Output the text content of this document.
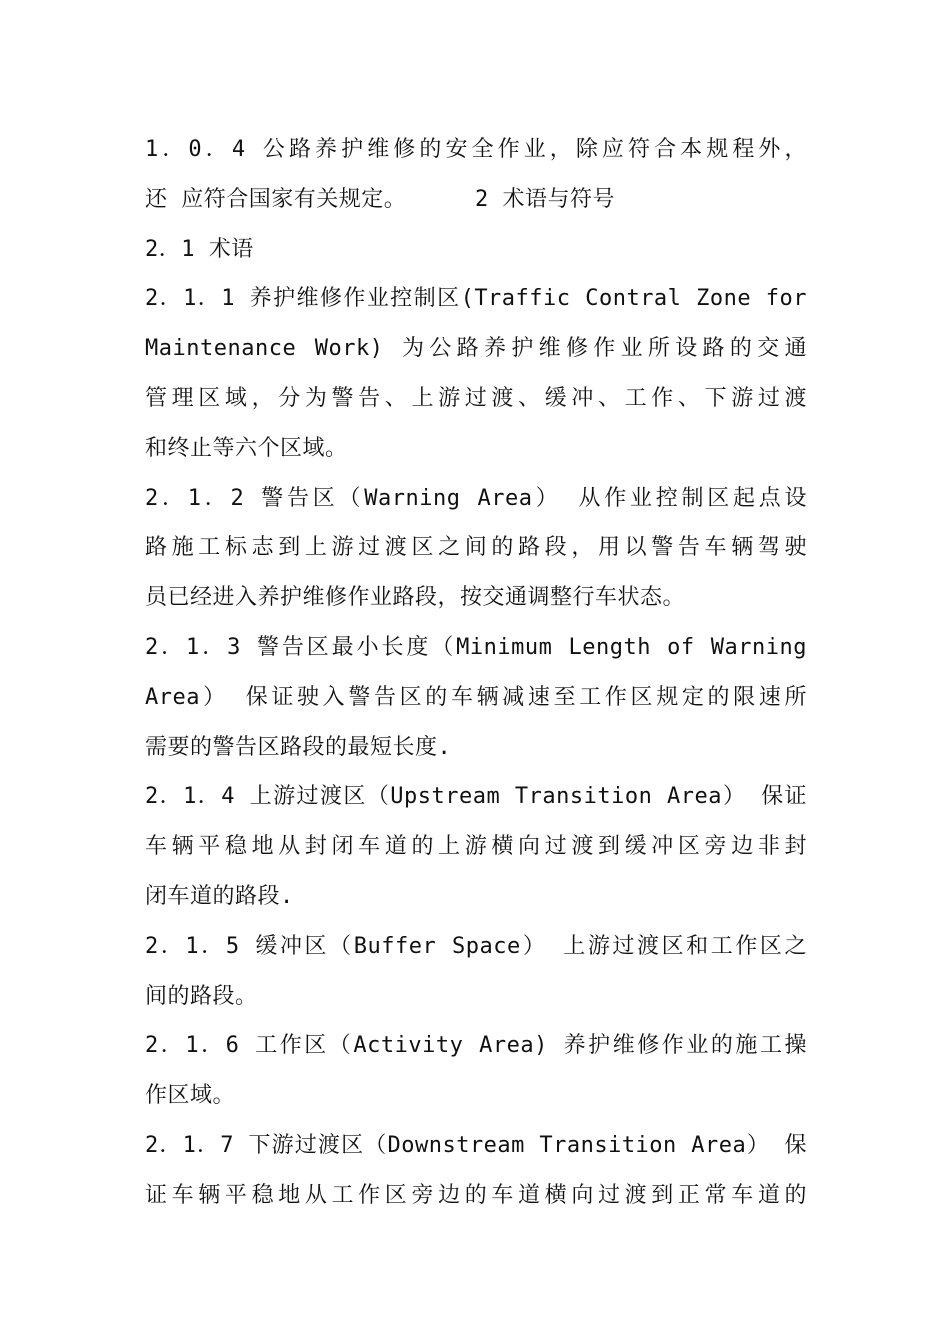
1．0．4 公路养护维修的安全作业，除应符合本规程外，
还 应符合国家有关规定。     2 术语与符号
2．1 术语
2．1．1 养护维修作业控制区(Traffic Contral Zone for
Maintenance Work) 为公路养护维修作业所设路的交通
管理区域，分为警告、上游过渡、缓冲、工作、下游过渡
和终止等六个区域。
2．1．2 警告区（Warning Area） 从作业控制区起点设
路施工标志到上游过渡区之间的路段，用以警告车辆驾驶
员已经进入养护维修作业路段，按交通调整行车状态。
2．1．3 警告区最小长度（Minimum Length of Warning
Area） 保证驶入警告区的车辆减速至工作区规定的限速所
需要的警告区路段的最短长度.
2．1．4 上游过渡区（Upstream Transition Area） 保证
车辆平稳地从封闭车道的上游横向过渡到缓冲区旁边非封
闭车道的路段.
2．1．5 缓冲区（Buffer Space） 上游过渡区和工作区之
间的路段。
2．1．6 工作区（Activity Area) 养护维修作业的施工操
作区域。
2．1．7 下游过渡区（Downstream Transition Area） 保
证车辆平稳地从工作区旁边的车道横向过渡到正常车道的
